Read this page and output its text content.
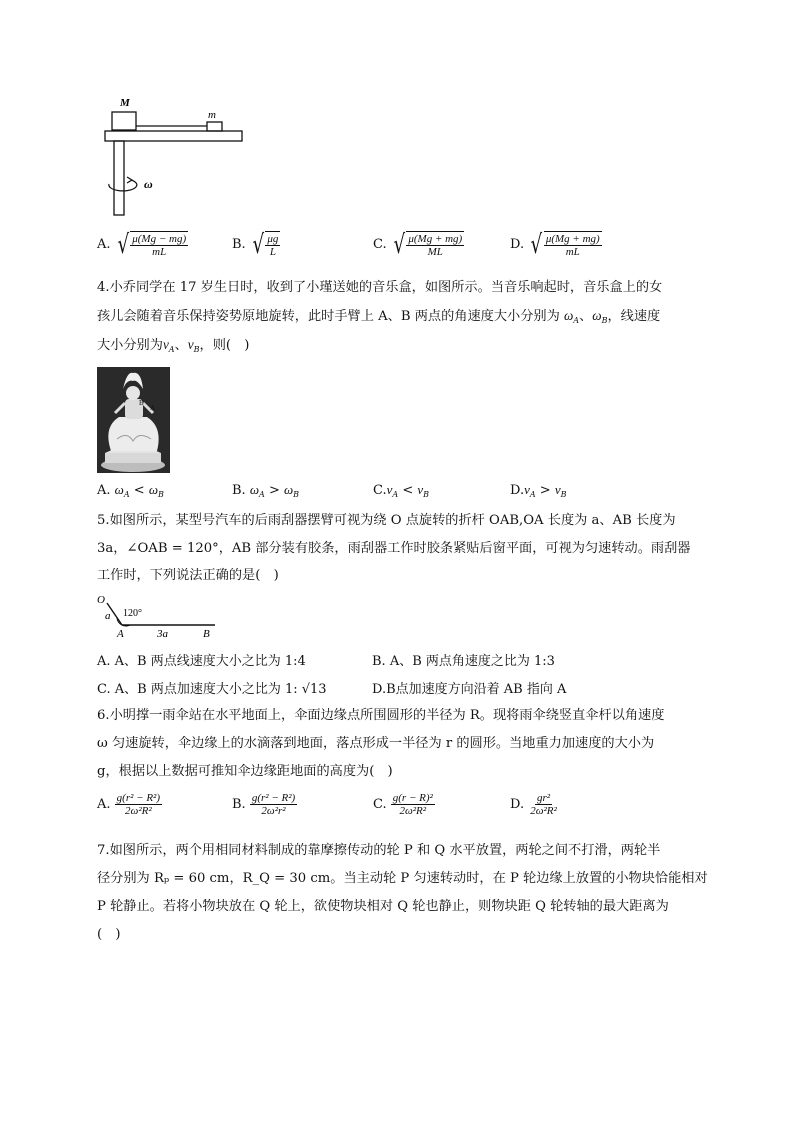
M
m
ω
A. √ $\frac{\mu(Mg - mg)}{mL}$	B. √ $\frac{\mu g}{L}$	C. √ $\frac{\mu(Mg + mg)}{ML}$	D. √ $\frac{\mu(Mg + mg)}{mL}$
4.小乔同学在 17 岁生日时，收到了小瑾送她的音乐盒，如图所示。当音乐响起时，音乐盒上的女
孩儿会随着音乐保持姿势原地旋转，此时手臂上 A、B 两点的角速度大小分别为 $\omega_A$、$\omega_B$，线速度
大小分别为$v_A$、$v_B$，则(　)
B
A
A. $\omega_A < \omega_B$	B. $\omega_A > \omega_B$	$C.v_A < v_B$	$D.v_A > v_B$
5.如图所示，某型号汽车的后雨刮器摆臂可视为绕 O 点旋转的折杆 OAB,OA 长度为 a、AB 长度为
3a，∠OAB = 120°，AB 部分装有胶条，雨刮器工作时胶条紧贴后窗平面，可视为匀速转动。雨刮器
工作时，下列说法正确的是(　)
O
a 120°
A	3a	B
A. A、B 两点线速度大小之比为 1:4	B. A、B 两点角速度之比为 1:3
C. A、B 两点加速度大小之比为 1: √13	D.B点加速度方向沿着 AB 指向 A
6.小明撑一雨伞站在水平地面上，伞面边缘点所围圆形的半径为 R。现将雨伞绕竖直伞杆以角速度
ω 匀速旋转，伞边缘上的水滴落到地面，落点形成一半径为 r 的圆形。当地重力加速度的大小为
g，根据以上数据可推知伞边缘距地面的高度为(　)
A. $\frac{\text{g(r² − R²)}}{\text{2ω²R²}}$	B. $\frac{\text{g(r² − R²)}}{\text{2ω²r²}}$	C. $\frac{\text{g(r − R)²}}{\text{2ω²R²}}$	D. $\frac{\text{gr²}}{\text{2ω²R²}}$
7.如图所示，两个用相同材料制成的靠摩擦传动的轮 P 和 Q 水平放置，两轮之间不打滑，两轮半
径分别为 Rₚ = 60 cm，R_Q = 30 cm。当主动轮 P 匀速转动时，在 P 轮边缘上放置的小物块恰能相对
P 轮静止。若将小物块放在 Q 轮上，欲使物块相对 Q 轮也静止，则物块距 Q 轮转轴的最大距离为
(　)
